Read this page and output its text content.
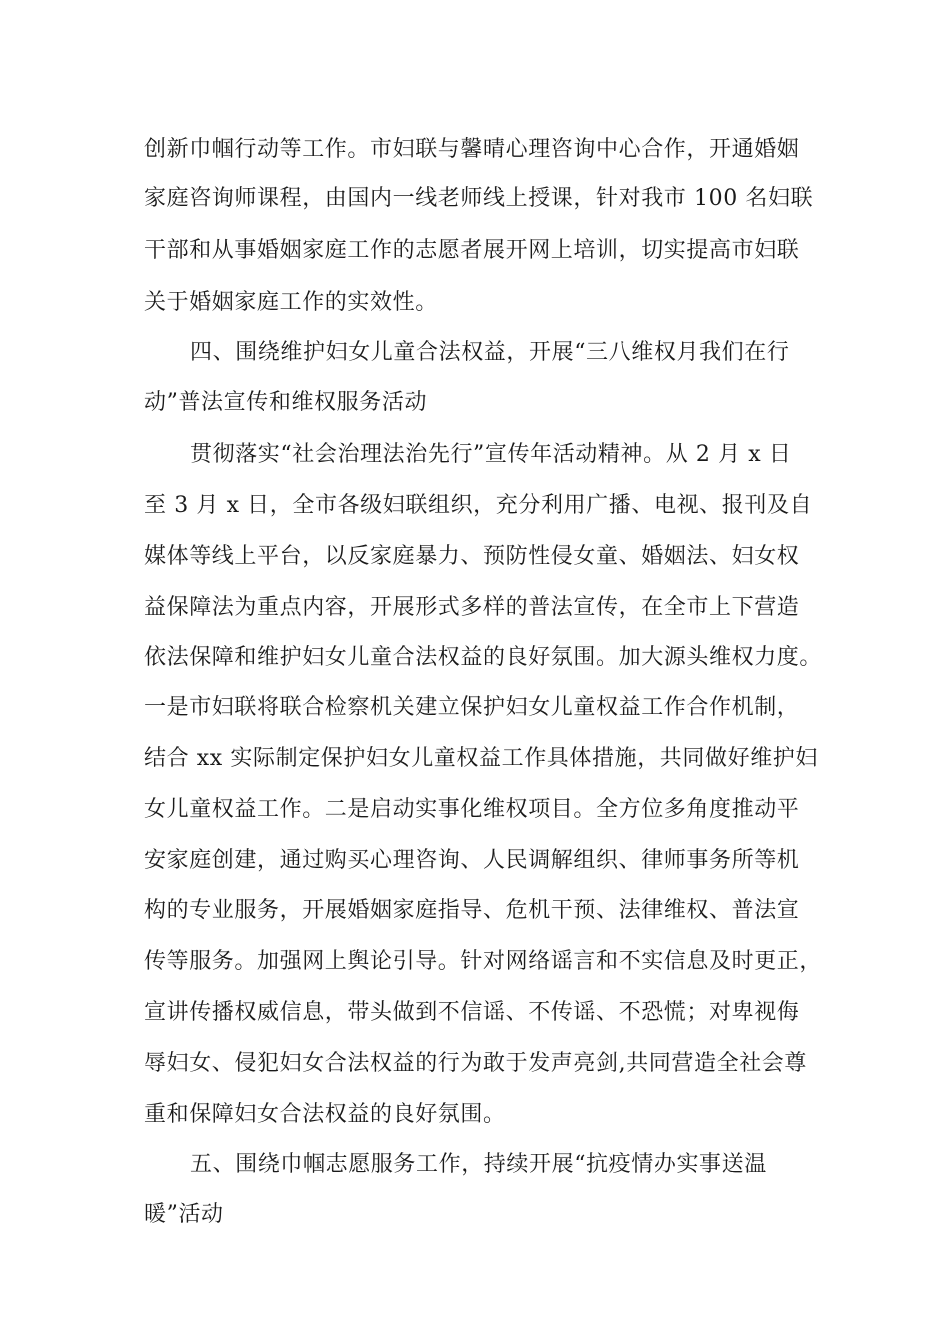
创新巾帼行动等工作。市妇联与馨晴心理咨询中心合作，开通婚姻
家庭咨询师课程，由国内一线老师线上授课，针对我市 100 名妇联
干部和从事婚姻家庭工作的志愿者展开网上培训，切实提高市妇联
关于婚姻家庭工作的实效性。
四、围绕维护妇女儿童合法权益，开展“三八维权月我们在行
动”普法宣传和维权服务活动
贯彻落实“社会治理法治先行”宣传年活动精神。从 2 月 x 日
至 3 月 x 日，全市各级妇联组织，充分利用广播、电视、报刊及自
媒体等线上平台，以反家庭暴力、预防性侵女童、婚姻法、妇女权
益保障法为重点内容，开展形式多样的普法宣传，在全市上下营造
依法保障和维护妇女儿童合法权益的良好氛围。加大源头维权力度。
一是市妇联将联合检察机关建立保护妇女儿童权益工作合作机制，
结合 xx 实际制定保护妇女儿童权益工作具体措施，共同做好维护妇
女儿童权益工作。二是启动实事化维权项目。全方位多角度推动平
安家庭创建，通过购买心理咨询、人民调解组织、律师事务所等机
构的专业服务，开展婚姻家庭指导、危机干预、法律维权、普法宣
传等服务。加强网上舆论引导。针对网络谣言和不实信息及时更正，
宣讲传播权威信息，带头做到不信谣、不传谣、不恐慌；对卑视侮
辱妇女、侵犯妇女合法权益的行为敢于发声亮剑,共同营造全社会尊
重和保障妇女合法权益的良好氛围。
五、围绕巾帼志愿服务工作，持续开展“抗疫情办实事送温
暖”活动
